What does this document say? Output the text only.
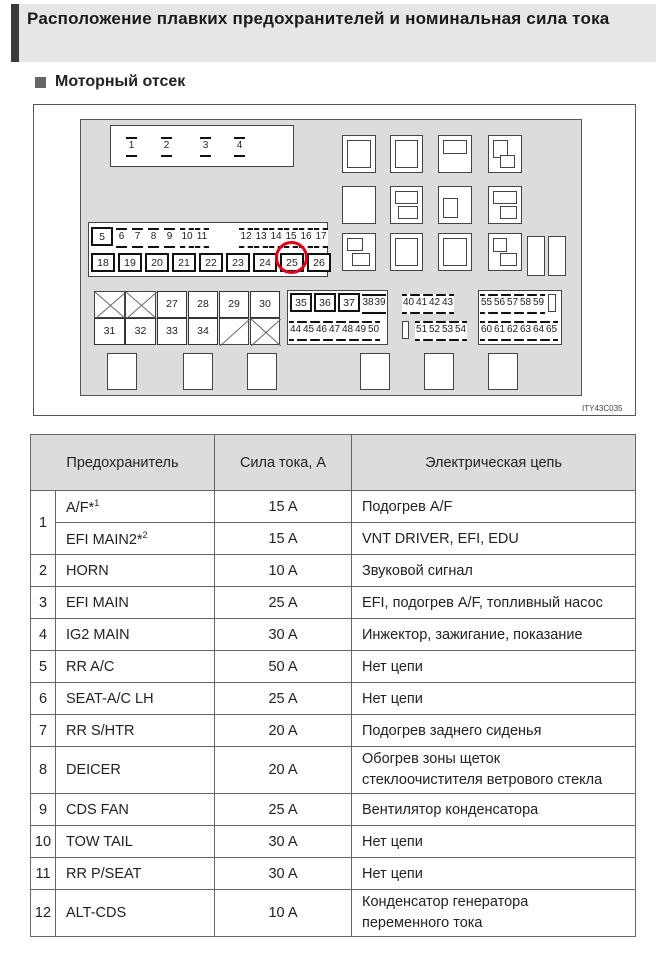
Расположение плавких предохранителей и номинальная сила тока
Моторный отсек
1	2	3	4
5	6 7 8 9 10 11	12 13 14 15 16 17
18	19	20	21	22	23	24	25	26
27	28	29	30
31	32	33	34
35	36	37 38 39
44 45 46 47 48 49 50
40 41 42 43
51 52 53 54
55 56 57 58 59
60 61 62 63 64 65
ITY43C035
Предохранитель		Сила тока, А	Электрическая цепь
1	A/F*$^1$	15 A	Подогрев A/F
	EFI MAIN2*$^2$	15 A	VNT DRIVER, EFI, EDU
2	HORN	10 A	Звуковой сигнал
3	EFI MAIN	25 A	EFI, подогрев A/F, топливный насос
4	IG2 MAIN	30 A	Инжектор, зажигание, показание
5	RR A/C	50 A	Нет цепи
6	SEAT-A/C LH	25 A	Нет цепи
7	RR S/HTR	20 A	Подогрев заднего сиденья
8	DEICER	20 A	Обогрев зоны щеток
стеклоочистителя ветрового стекла

9	CDS FAN	25 A	Вентилятор конденсатора
10	TOW TAIL	30 A	Нет цепи
11	RR P/SEAT	30 A	Нет цепи
12	ALT-CDS	10 A	Конденсатор генератора
переменного тока
